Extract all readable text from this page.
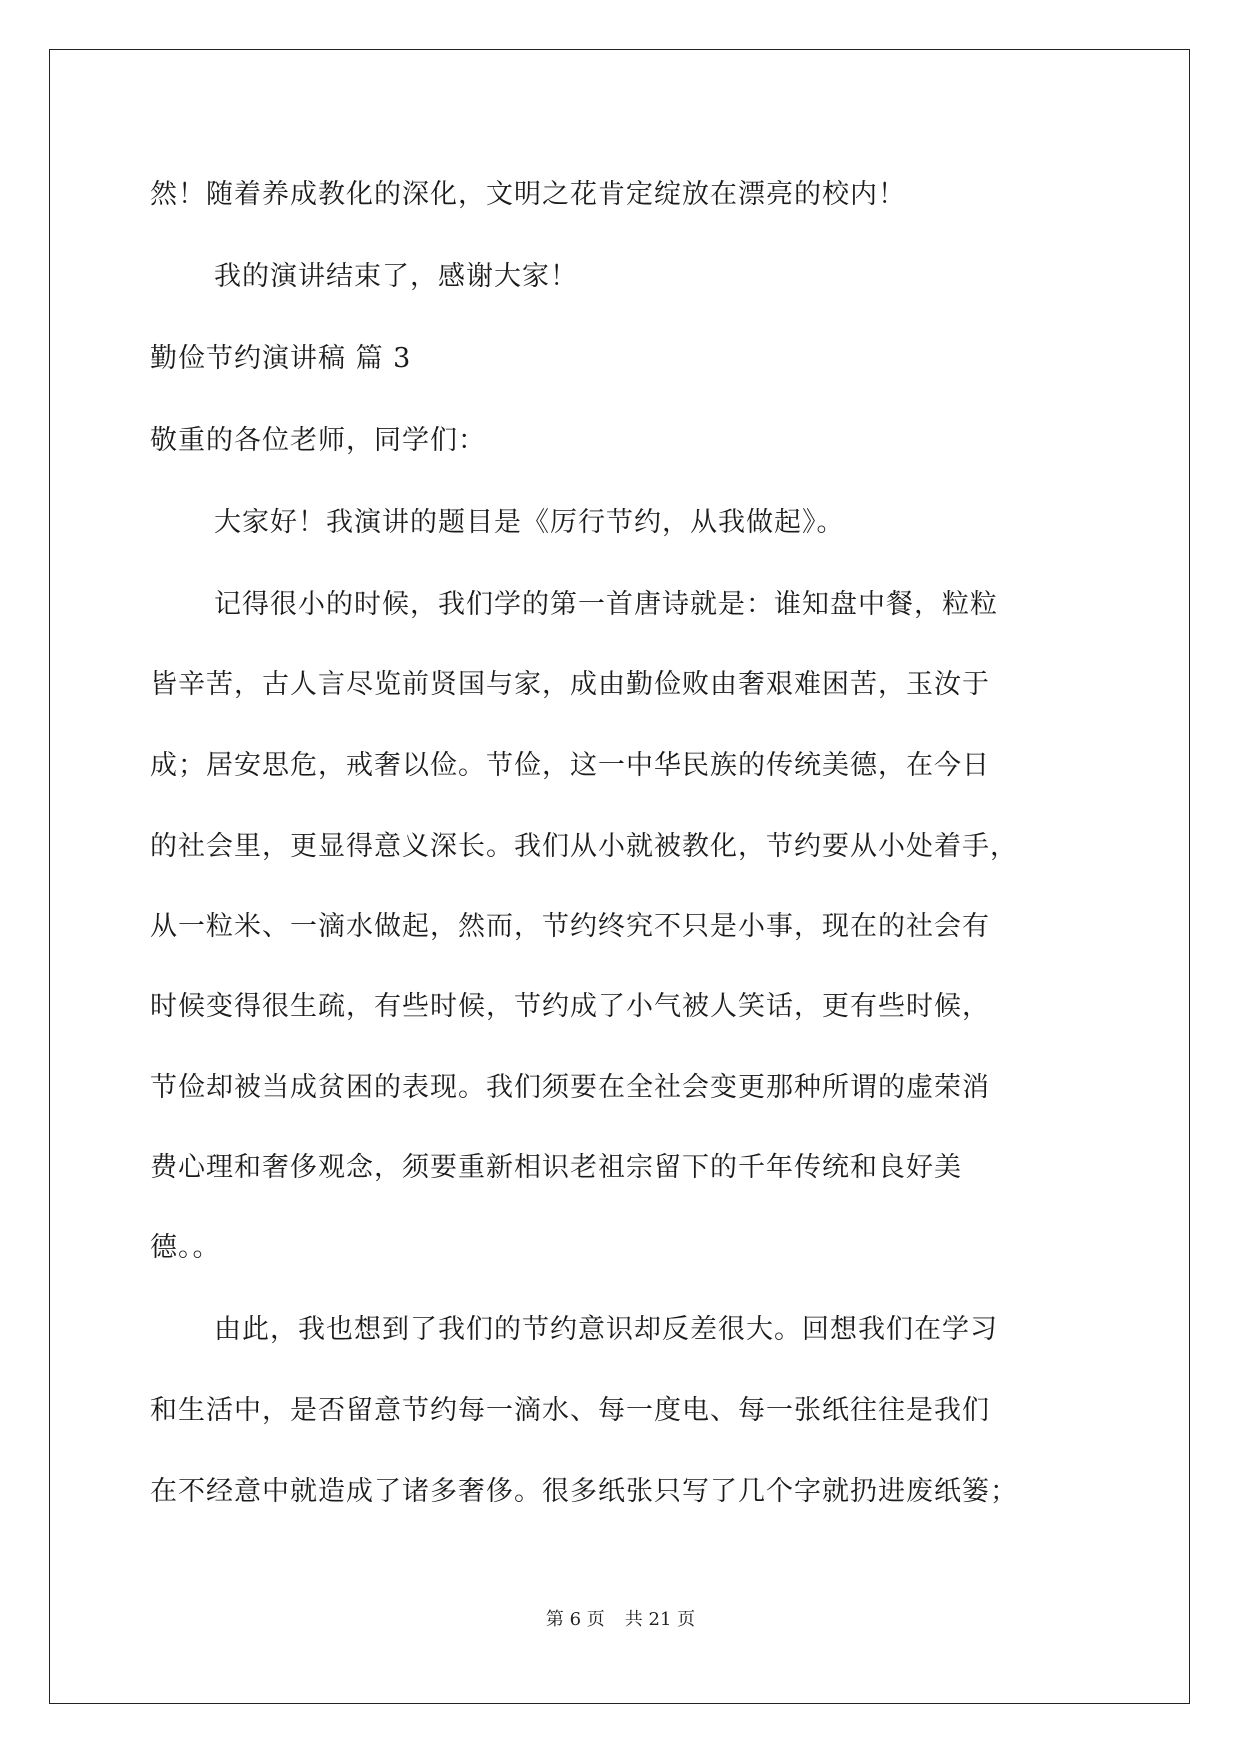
然！随着养成教化的深化，文明之花肯定绽放在漂亮的校内！
我的演讲结束了，感谢大家！
勤俭节约演讲稿 篇 3
敬重的各位老师，同学们：
大家好！我演讲的题目是《厉行节约，从我做起》。
记得很小的时候，我们学的第一首唐诗就是：谁知盘中餐，粒粒
皆辛苦，古人言尽览前贤国与家，成由勤俭败由奢艰难困苦，玉汝于
成；居安思危，戒奢以俭。节俭，这一中华民族的传统美德，在今日
的社会里，更显得意义深长。我们从小就被教化，节约要从小处着手，
从一粒米、一滴水做起，然而，节约终究不只是小事，现在的社会有
时候变得很生疏，有些时候，节约成了小气被人笑话，更有些时候，
节俭却被当成贫困的表现。我们须要在全社会变更那种所谓的虚荣消
费心理和奢侈观念，须要重新相识老祖宗留下的千年传统和良好美
德。。
由此，我也想到了我们的节约意识却反差很大。回想我们在学习
和生活中，是否留意节约每一滴水、每一度电、每一张纸往往是我们
在不经意中就造成了诸多奢侈。很多纸张只写了几个字就扔进废纸篓；
第 6 页 共 21 页
